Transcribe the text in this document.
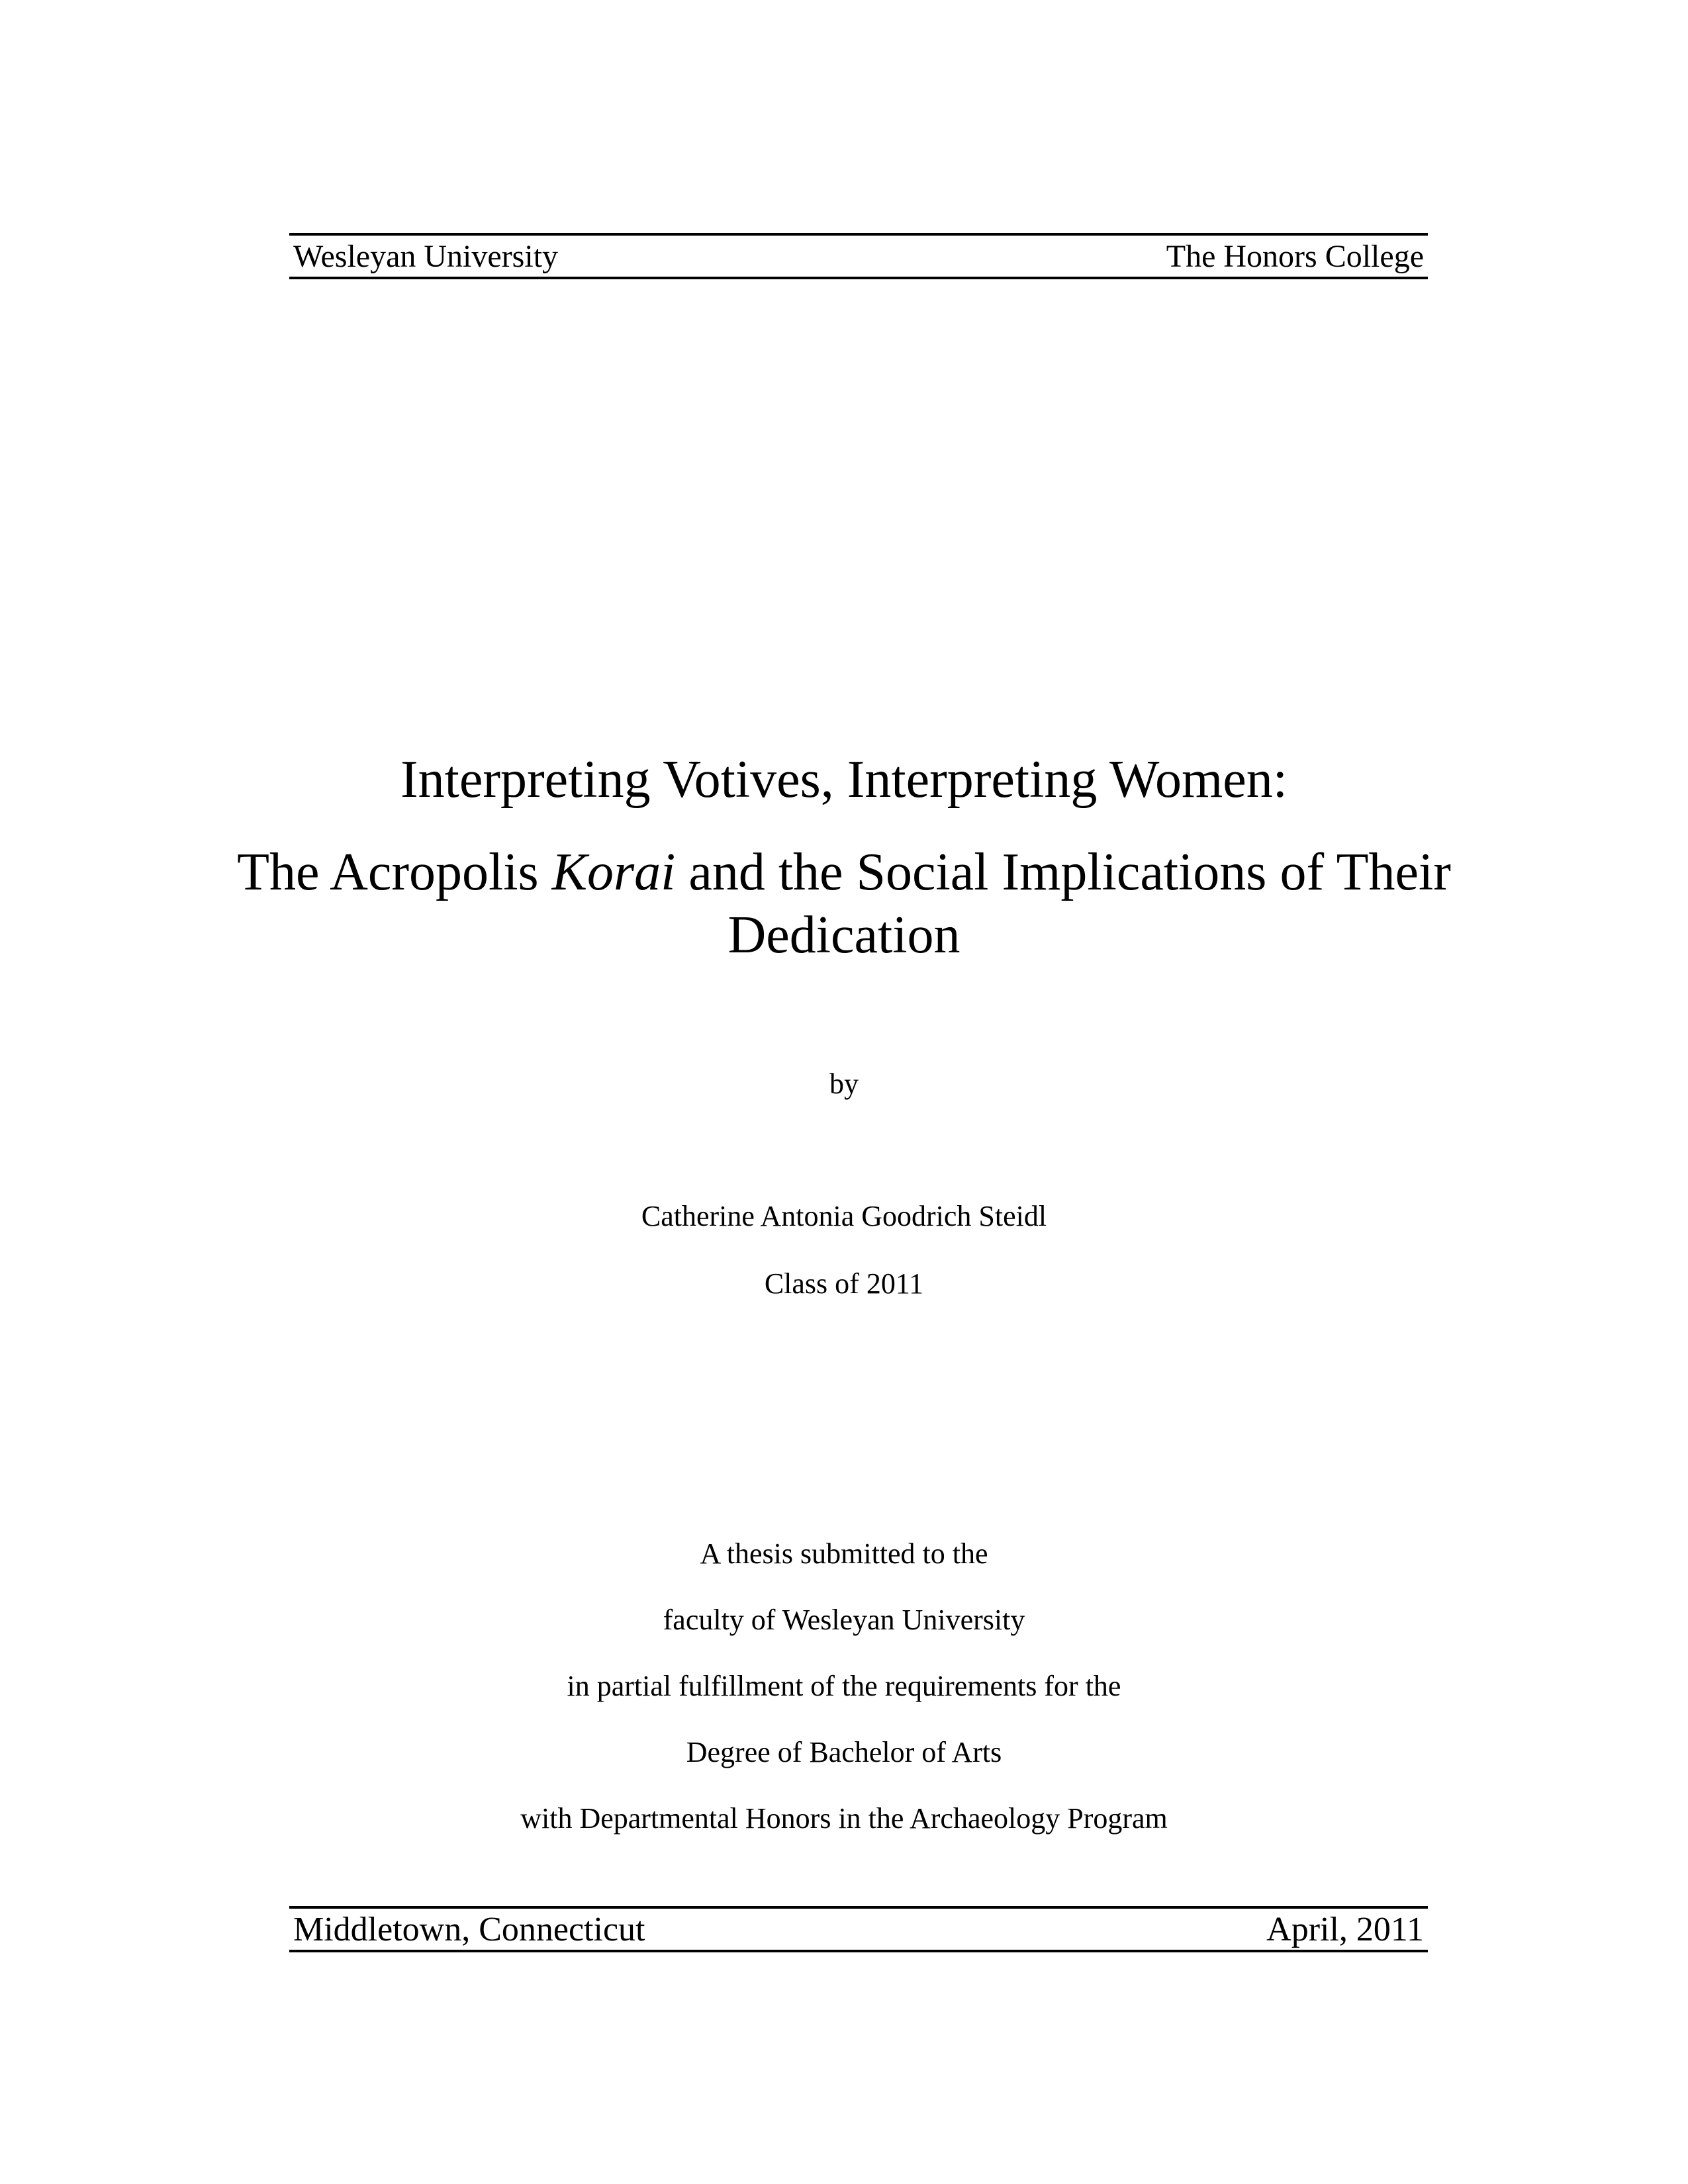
Wesleyan University	The Honors College
Interpreting Votives, Interpreting Women:
The Acropolis Korai and the Social Implications of Their
Dedication
by
Catherine Antonia Goodrich Steidl
Class of 2011
A thesis submitted to the
faculty of Wesleyan University
in partial fulfillment of the requirements for the
Degree of Bachelor of Arts
with Departmental Honors in the Archaeology Program
Middletown, Connecticut	April, 2011
